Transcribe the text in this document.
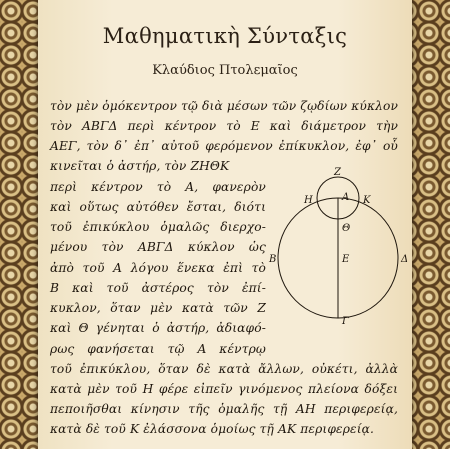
Μαθηματικὴ Σύνταξις
Κλαύδιος Πτολεμαῖος
τὸν μὲν ὁμόκεντρον τῷ διὰ μέσων τῶν ζῳδίων κύκλον
τὸν ΑΒΓΔ περὶ κέντρον τὸ Ε καὶ διάμετρον τὴν
ΑΕΓ, τὸν δ᾽ ἐπ᾽ αὐτοῦ φερόμενον ἐπίκυκλον, ἐφ᾽ οὗ
κινεῖται ὁ ἀστήρ, τὸν ΖΗΘΚ
περὶ κέντρον τὸ Α, φανερὸν
καὶ οὕτως αὐτόθεν ἔσται, διότι
τοῦ ἐπικύκλου ὁμαλῶς διερχο-
μένου τὸν ΑΒΓΔ κύκλον ὡς
ἀπὸ τοῦ Α λόγου ἕνεκα ἐπὶ τὸ
Β καὶ τοῦ ἀστέρος τὸν ἐπί-
κυκλον, ὅταν μὲν κατὰ τῶν Ζ
καὶ Θ γένηται ὁ ἀστήρ, ἀδιαφό-
ρως φανήσεται τῷ Α κέντρῳ
τοῦ ἐπικύκλου, ὅταν δὲ κατὰ ἄλλων, οὐκέτι, ἀλλὰ
κατὰ μὲν τοῦ Η φέρε εἰπεῖν γινόμενος πλείονα δόξει
πεποιῆσθαι κίνησιν τῆς ὁμαλῆς τῇ ΑΗ περιφερείᾳ,
κατὰ δὲ τοῦ Κ ἐλάσσονα ὁμοίως τῇ ΑΚ περιφερείᾳ.
Ζ
Η	Α Κ
Θ
Β	Ε	Δ
Γ
